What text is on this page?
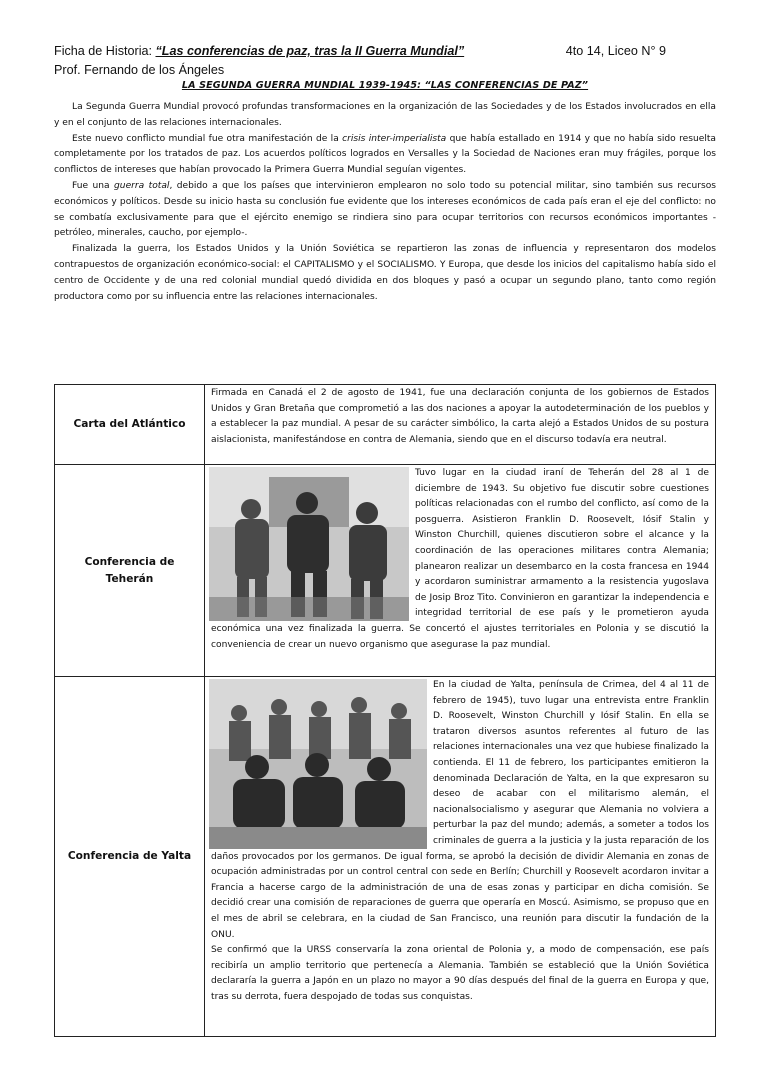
Ficha de Historia: “Las conferencias de paz, tras la II Guerra Mundial”	4to 14, Liceo N° 9
Prof. Fernando de los Ángeles
LA SEGUNDA GUERRA MUNDIAL 1939-1945: “LAS CONFERENCIAS DE PAZ”

La Segunda Guerra Mundial provocó profundas transformaciones en la organización de las Sociedades y de los Estados involucrados en ella y en el conjunto de las relaciones internacionales.

Este nuevo conflicto mundial fue otra manifestación de la crisis inter-imperialista que había estallado en 1914 y que no había sido resuelta completamente por los tratados de paz. Los acuerdos políticos logrados en Versalles y la Sociedad de Naciones eran muy frágiles, porque los conflictos de intereses que habían provocado la Primera Guerra Mundial seguían vigentes.

Fue una guerra total, debido a que los países que intervinieron emplearon no solo todo su potencial militar, sino también sus recursos económicos y políticos. Desde su inicio hasta su conclusión fue evidente que los intereses económicos de cada país eran el eje del conflicto: no se combatía exclusivamente para que el ejército enemigo se rindiera sino para ocupar territorios con recursos económicos importantes -petróleo, minerales, caucho, por ejemplo-.

Finalizada la guerra, los Estados Unidos y la Unión Soviética se repartieron las zonas de influencia y representaron dos modelos contrapuestos de organización económico-social: el CAPITALISMO y el SOCIALISMO. Y Europa, que desde los inicios del capitalismo había sido el centro de Occidente y de una red colonial mundial quedó dividida en dos bloques y pasó a ocupar un segundo plano, tanto como región productora como por su influencia entre las relaciones internacionales.

Carta del Atlántico	Firmada en Canadá el 2 de agosto de 1941, fue una declaración conjunta de los gobiernos de Estados Unidos y Gran Bretaña que comprometió a las dos naciones a apoyar la autodeterminación de los pueblos y a establecer la paz mundial. A pesar de su carácter simbólico, la carta alejó a Estados Unidos de su postura aislacionista, manifestándose en contra de Alemania, siendo que en el discurso todavía era neutral.
Conferencia de Teherán	Tuvo lugar en la ciudad iraní de Teherán del 28 al 1 de diciembre de 1943. Su objetivo fue discutir sobre cuestiones políticas relacionadas con el rumbo del conflicto, así como de la posguerra. Asistieron Franklin D. Roosevelt, Iósif Stalin y Winston Churchill, quienes discutieron sobre el alcance y la coordinación de las operaciones militares contra Alemania; planearon realizar un desembarco en la costa francesa en 1944 y acordaron suministrar armamento a la resistencia yugoslava de Josip Broz Tito. Convinieron en garantizar la independencia e integridad territorial de ese país y le prometieron ayuda económica una vez finalizada la guerra. Se concertó el ajustes territoriales en Polonia y se discutió la conveniencia de crear un nuevo organismo que asegurase la paz mundial.
Conferencia de Yalta	En la ciudad de Yalta, península de Crimea, del 4 al 11 de febrero de 1945), tuvo lugar una entrevista entre Franklin D. Roosevelt, Winston Churchill y Iósif Stalin. En ella se trataron diversos asuntos referentes al futuro de las relaciones internacionales una vez que hubiese finalizado la contienda. El 11 de febrero, los participantes emitieron la denominada Declaración de Yalta, en la que expresaron su deseo de acabar con el militarismo alemán, el nacionalsocialismo y asegurar que Alemania no volviera a perturbar la paz del mundo; además, a someter a todos los criminales de guerra a la justicia y la justa reparación de los daños provocados por los germanos. De igual forma, se aprobó la decisión de dividir Alemania en zonas de ocupación administradas por un control central con sede en Berlín; Churchill y Roosevelt acordaron invitar a Francia a hacerse cargo de la administración de una de esas zonas y participar en dicha comisión. Se decidió crear una comisión de reparaciones de guerra que operaría en Moscú. Asimismo, se propuso que en el mes de abril se celebrara, en la ciudad de San Francisco, una reunión para discutir la fundación de la ONU.
Se confirmó que la URSS conservaría la zona oriental de Polonia y, a modo de compensación, ese país recibiría un amplio territorio que pertenecía a Alemania. También se estableció que la Unión Soviética declararía la guerra a Japón en un plazo no mayor a 90 días después del final de la guerra en Europa y que, tras su derrota, fuera despojado de todas sus conquistas.
